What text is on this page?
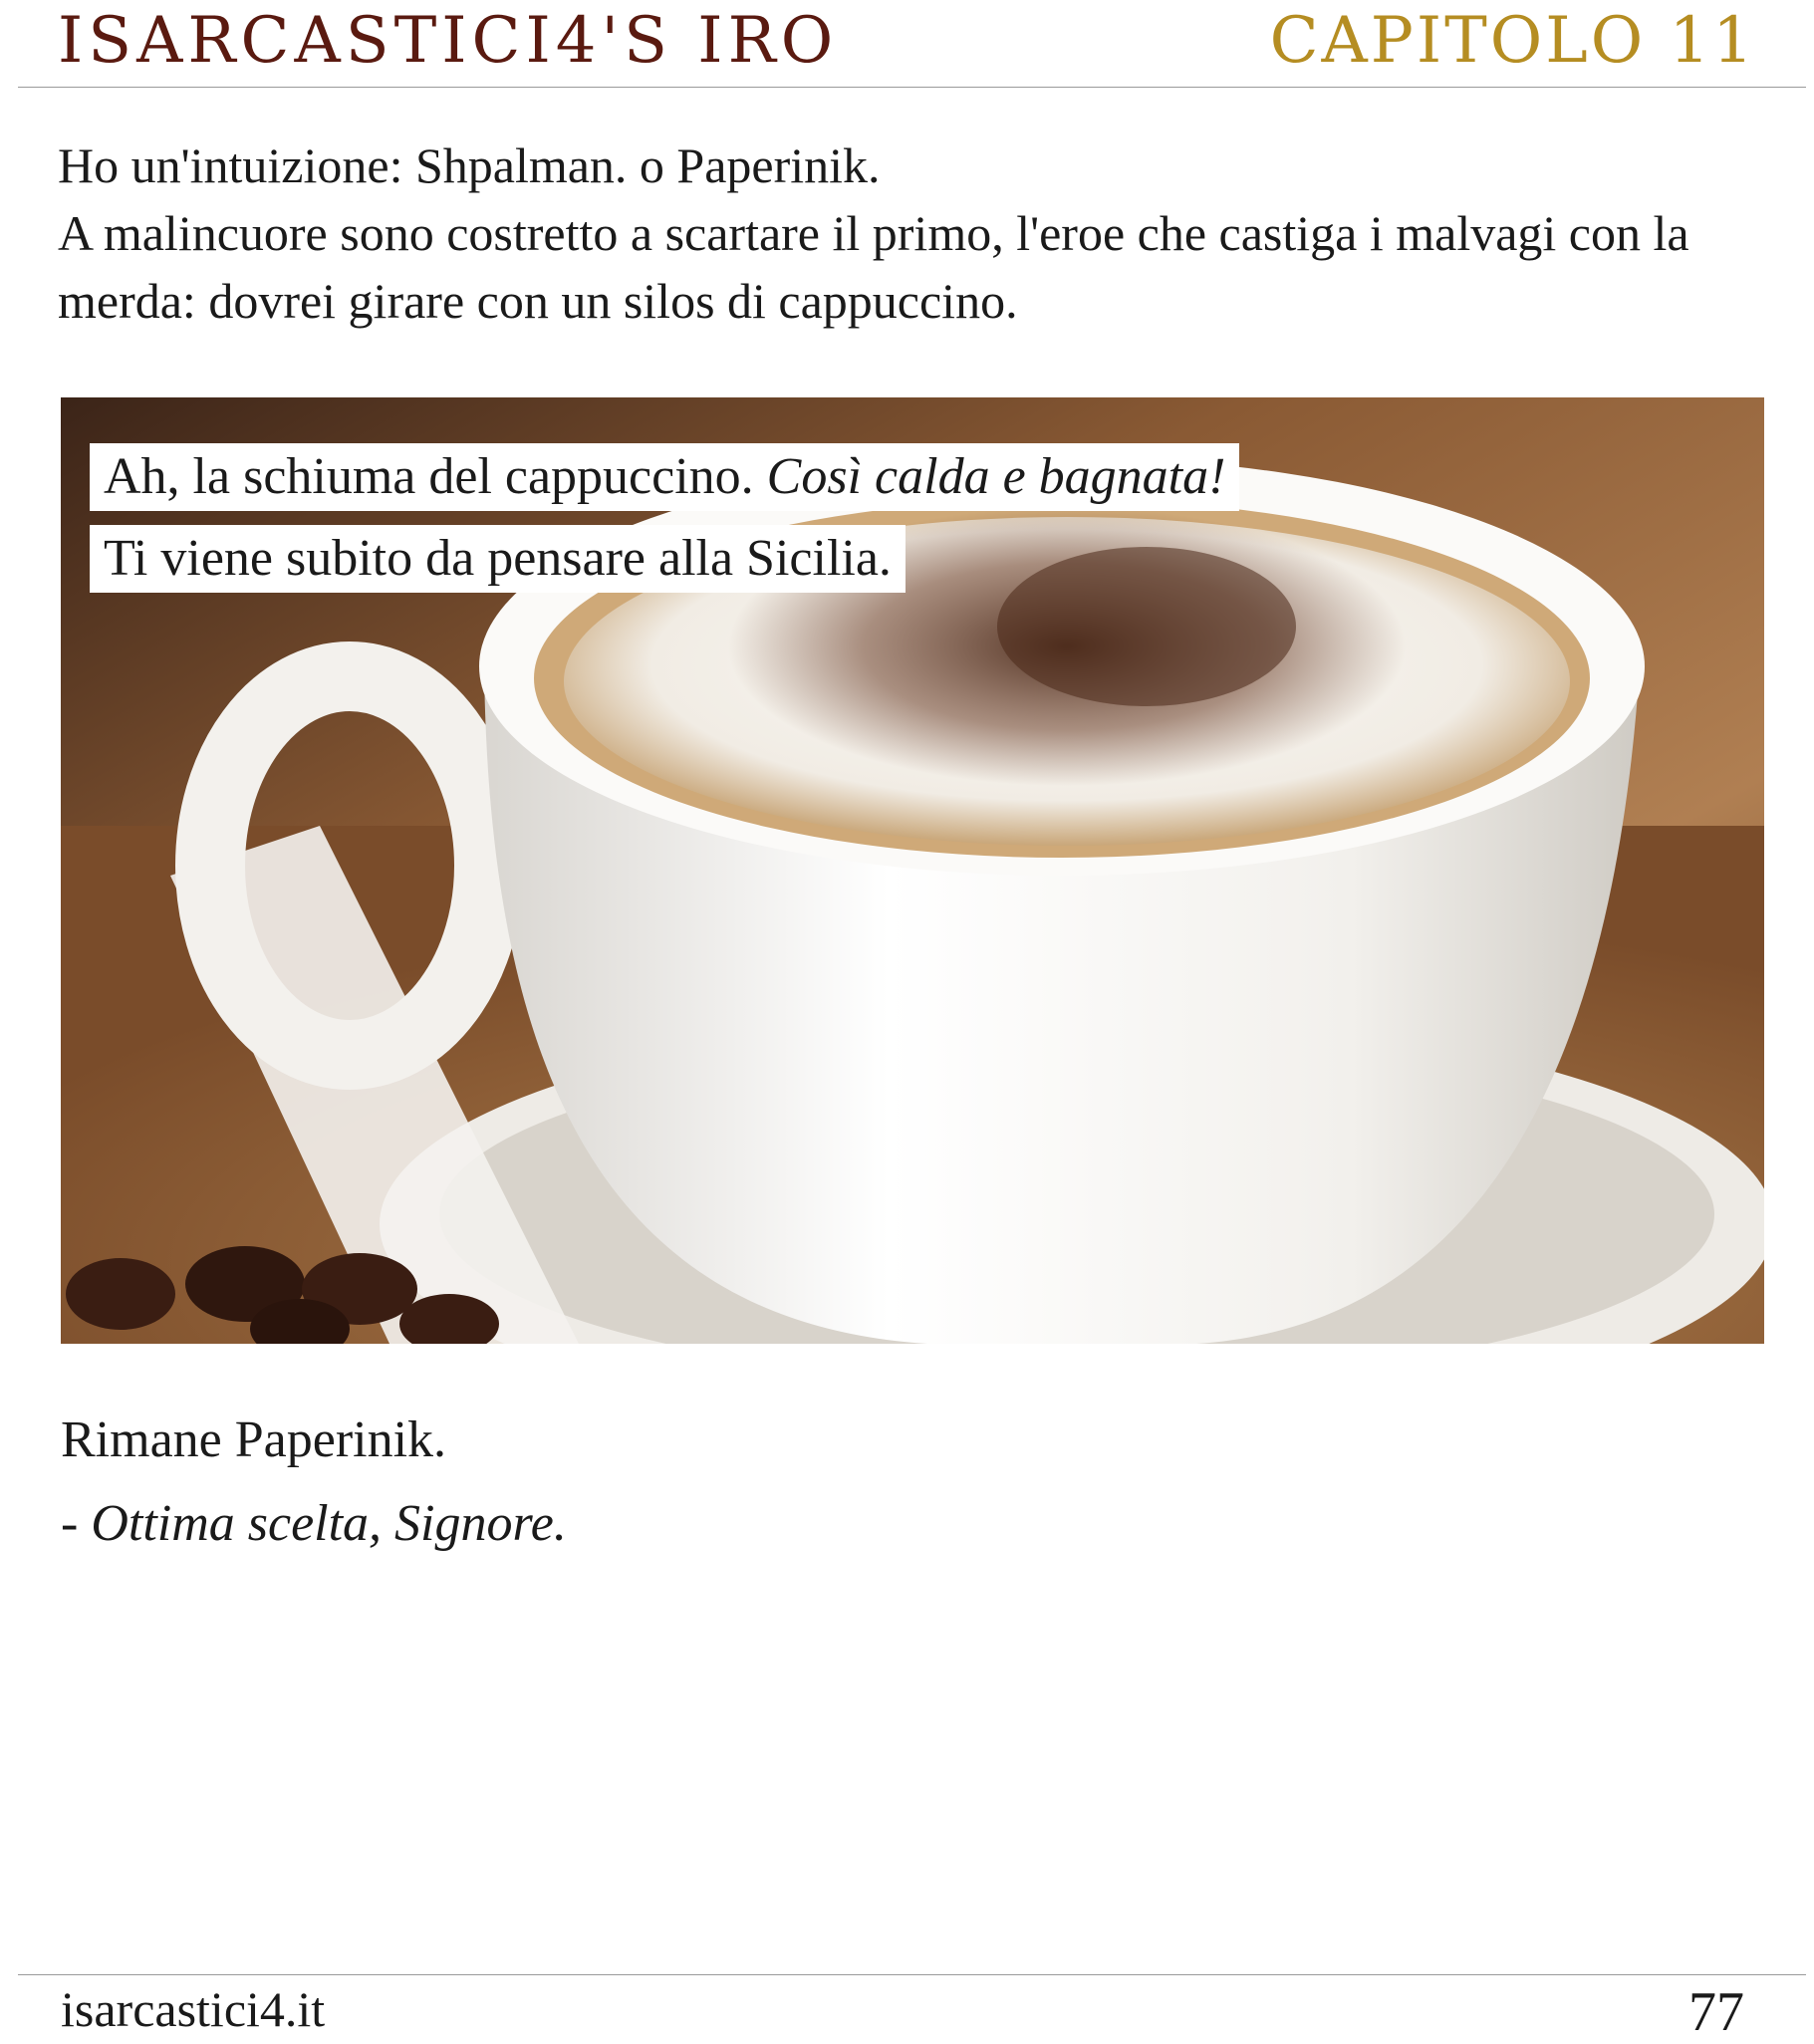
ISARCASTICI4'S IRO	CAPITOLO 11

Ho un'intuizione: Shpalman. o Paperinik.

A malincuore sono costretto a scartare il primo, l'eroe che castiga i malvagi con la merda: dovrei girare con un silos di cappuccino.

Ah, la schiuma del cappuccino. Così calda e bagnata!
Ti viene subito da pensare alla Sicilia.

Rimane Paperinik.

- Ottima scelta, Signore.

isarcastici4.it	77
